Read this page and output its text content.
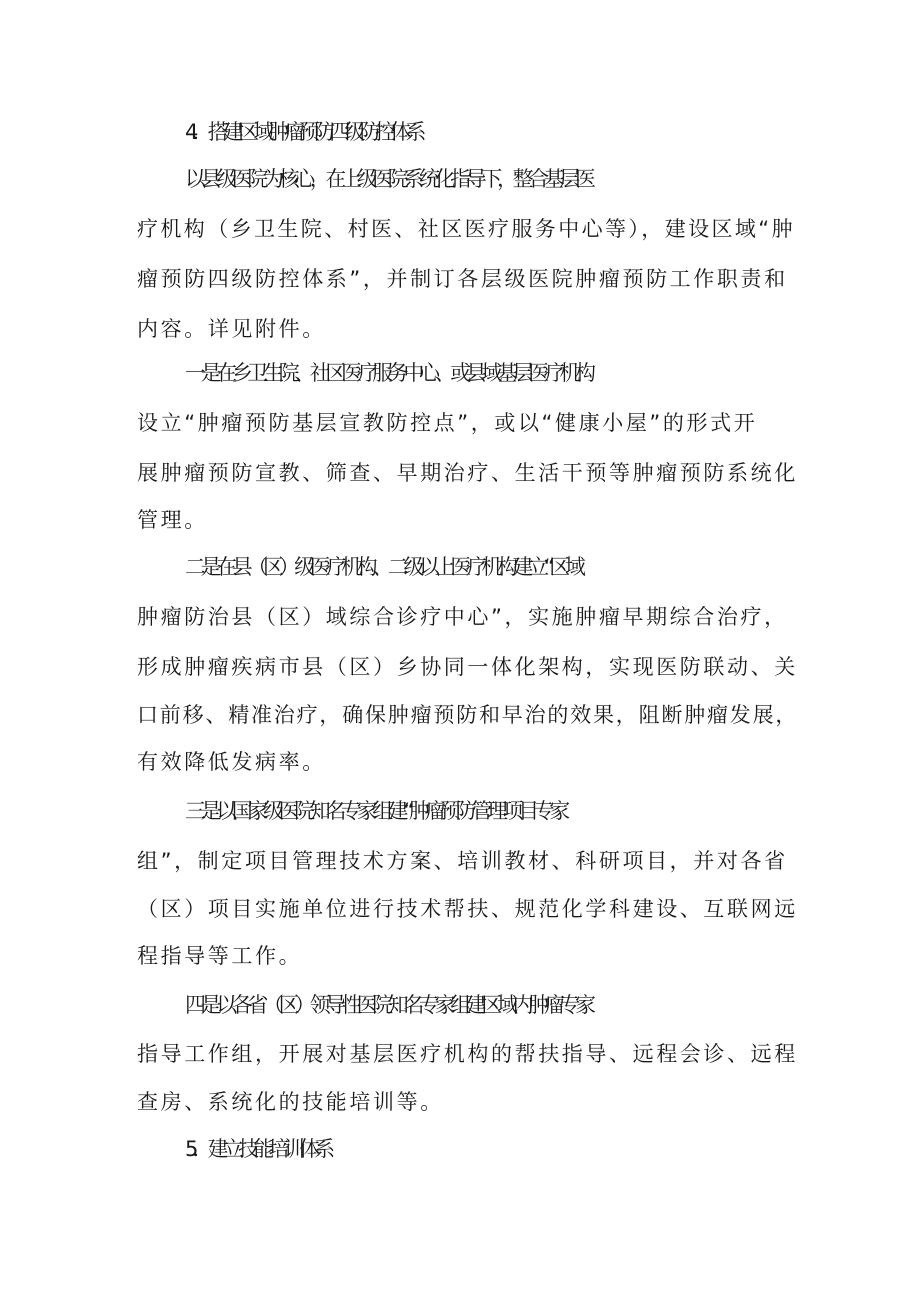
4．搭建区域肿瘤预防四级防控体系
以县级医院为核心，在上级医院系统化指导下，整合基层医
疗机构（乡卫生院、村医、社区医疗服务中心等），建设区域“肿
瘤预防四级防控体系”，并制订各层级医院肿瘤预防工作职责和
内容。详见附件。
一是在乡卫生院、社区医疗服务中心、或县域基层医疗机构
设立“肿瘤预防基层宣教防控点”，或以“健康小屋”的形式开
展肿瘤预防宣教、筛查、早期治疗、生活干预等肿瘤预防系统化
管理。
二是在县（区）级医疗机构、二级以上医疗机构建立“区域
肿瘤防治县（区）域综合诊疗中心”，实施肿瘤早期综合治疗，
形成肿瘤疾病市县（区）乡协同一体化架构，实现医防联动、关
口前移、精准治疗，确保肿瘤预防和早治的效果，阻断肿瘤发展，
有效降低发病率。
三是以国家级医院知名专家组建“肿瘤预防管理项目专家
组”，制定项目管理技术方案、培训教材、科研项目，并对各省
（区）项目实施单位进行技术帮扶、规范化学科建设、互联网远
程指导等工作。
四是以各省（区）领导性医院知名专家组建区域内肿瘤专家
指导工作组，开展对基层医疗机构的帮扶指导、远程会诊、远程
查房、系统化的技能培训等。
5．建立技能培训体系
